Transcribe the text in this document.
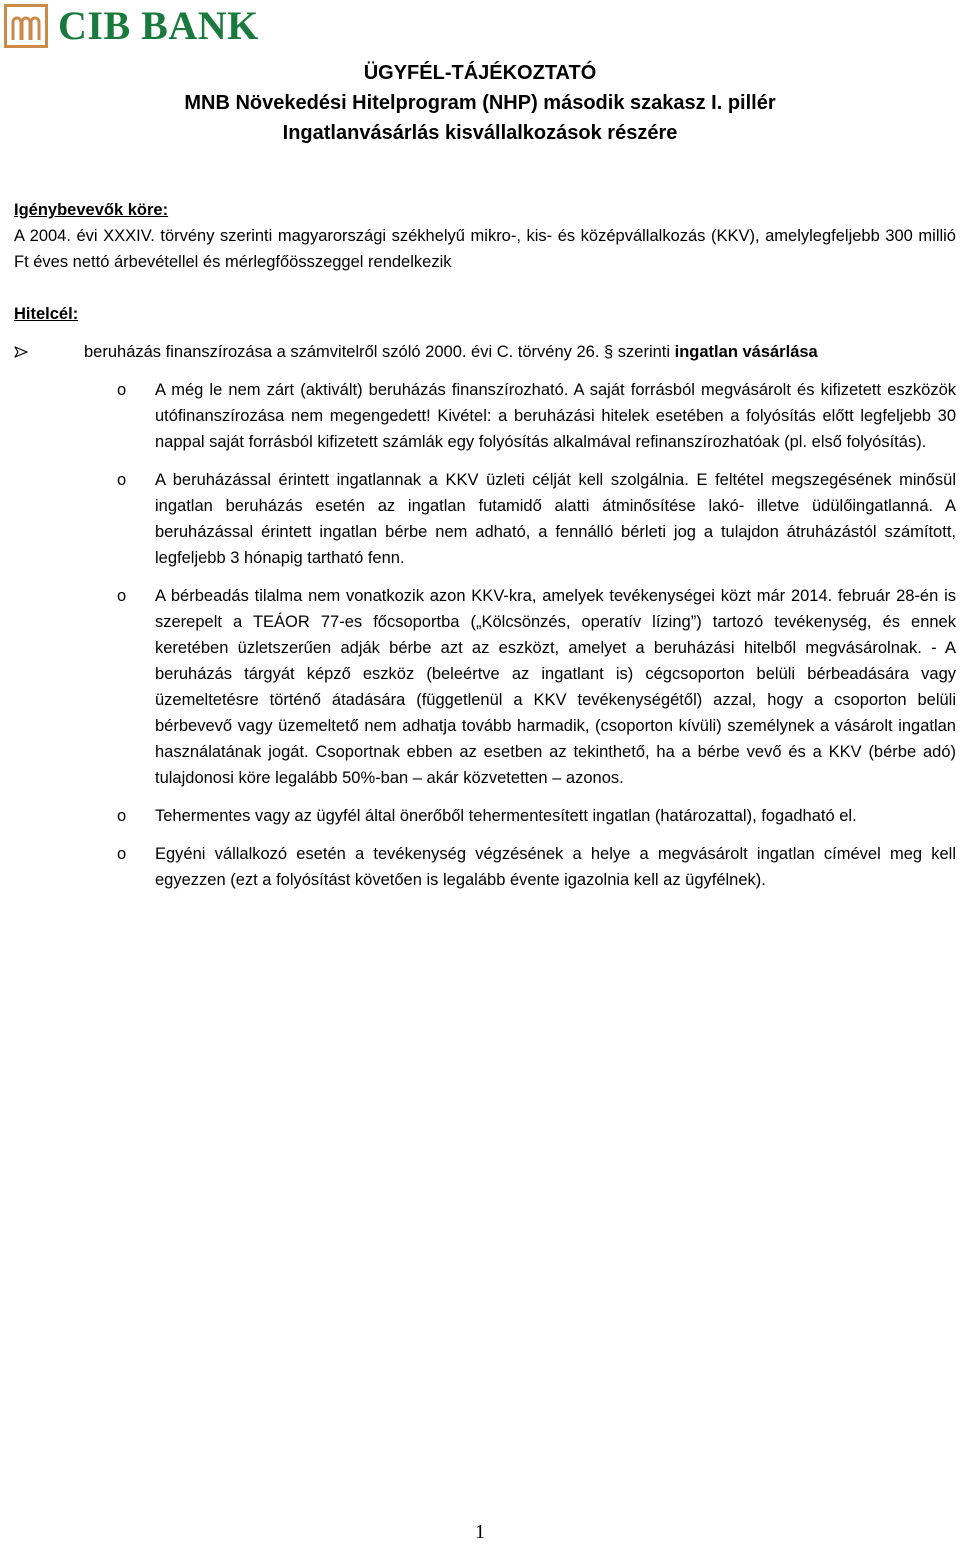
CIB BANK
ÜGYFÉL-TÁJÉKOZTATÓ
MNB Növekedési Hitelprogram (NHP) második szakasz I. pillér
Ingatlanvásárlás kisvállalkozások részére

Igénybevevők köre:

A 2004. évi XXXIV. törvény szerinti magyarországi székhelyű mikro-, kis- és középvállalkozás (KKV), amelylegfeljebb 300 millió Ft éves nettó árbevétellel és mérlegfőösszeggel rendelkezik

Hitelcél:

beruházás finanszírozása a számvitelről szóló 2000. évi C. törvény 26. § szerinti ingatlan vásárlása
o A még le nem zárt (aktivált) beruházás finanszírozható. A saját forrásból megvásárolt és kifizetett eszközök utófinanszírozása nem megengedett! Kivétel: a beruházási hitelek esetében a folyósítás előtt legfeljebb 30 nappal saját forrásból kifizetett számlák egy folyósítás alkalmával refinanszírozhatóak (pl. első folyósítás).
o A beruházással érintett ingatlannak a KKV üzleti célját kell szolgálnia. E feltétel megszegésének minősül ingatlan beruházás esetén az ingatlan futamidő alatti átminősítése lakó- illetve üdülőingatlanná. A beruházással érintett ingatlan bérbe nem adható, a fennálló bérleti jog a tulajdon átruházástól számított, legfeljebb 3 hónapig tartható fenn.
o A bérbeadás tilalma nem vonatkozik azon KKV-kra, amelyek tevékenységei közt már 2014. február 28-én is szerepelt a TEÁOR 77-es főcsoportba („Kölcsönzés, operatív lízing”) tartozó tevékenység, és ennek keretében üzletszerűen adják bérbe azt az eszközt, amelyet a beruházási hitelből megvásárolnak. - A beruházás tárgyát képző eszköz (beleértve az ingatlant is) cégcsoporton belüli bérbeadására vagy üzemeltetésre történő átadására (függetlenül a KKV tevékenységétől) azzal, hogy a csoporton belüli bérbevevő vagy üzemeltető nem adhatja tovább harmadik, (csoporton kívüli) személynek a vásárolt ingatlan használatának jogát. Csoportnak ebben az esetben az tekinthető, ha a bérbe vevő és a KKV (bérbe adó) tulajdonosi köre legalább 50%-ban – akár közvetetten – azonos.
o Tehermentes vagy az ügyfél által önerőből tehermentesített ingatlan (határozattal), fogadható el.
o Egyéni vállalkozó esetén a tevékenység végzésének a helye a megvásárolt ingatlan címével meg kell egyezzen (ezt a folyósítást követően is legalább évente igazolnia kell az ügyfélnek).
1
